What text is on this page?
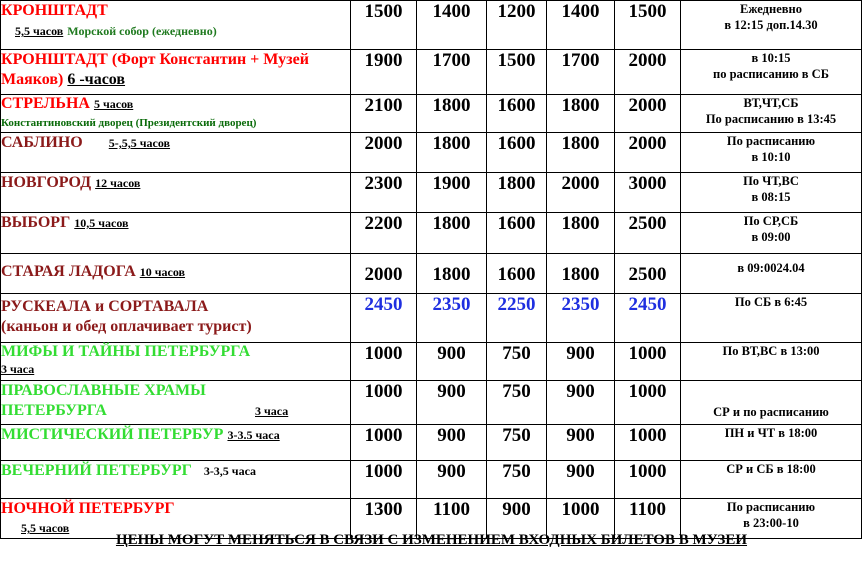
КРОНШТАДТ
5,5 часов Морской собор (ежедневно)	1500	1400	1200	1400	1500	Ежедневно
в 12:15 доп.14.30
КРОНШТАДТ (Форт Константин + Музей Маяков) 6 -часов	1900	1700	1500	1700	2000	в 10:15
по расписанию в СБ
СТРЕЛЬНА 5 часов
Константиновский дворец (Президентский дворец)	2100	1800	1600	1800	2000	ВТ,ЧТ,СБ
По расписанию в 13:45
САБЛИНО 5-,5,5 часов	2000	1800	1600	1800	2000	По расписанию
в 10:10
НОВГОРОД 12 часов	2300	1900	1800	2000	3000	По ЧТ,ВС
в 08:15
ВЫБОРГ 10,5 часов	2200	1800	1600	1800	2500	По СР,СБ
в 09:00
СТАРАЯ ЛАДОГА 10 часов	2000	1800	1600	1800	2500	в 09:0024.04
РУСКЕАЛА и СОРТАВАЛА
(каньон и обед оплачивает турист)	2450	2350	2250	2350	2450	По СБ в 6:45
МИФЫ И ТАЙНЫ ПЕТЕРБУРГА
3 часа	1000	900	750	900	1000	По ВТ,ВС в 13:00
ПРАВОСЛАВНЫЕ ХРАМЫ ПЕТЕРБУРГА 3 часа	1000	900	750	900	1000	СР и по расписанию
МИСТИЧЕСКИЙ ПЕТЕРБУР 3-3.5 часа	1000	900	750	900	1000	ПН и ЧТ в 18:00
ВЕЧЕРНИЙ ПЕТЕРБУРГ 3-3,5 часа	1000	900	750	900	1000	СР и СБ в 18:00
НОЧНОЙ ПЕТЕРБУРГ
5,5 часов	1300	1100	900	1000	1100	По расписанию
в 23:00-10
ЦЕНЫ МОГУТ МЕНЯТЬСЯ В СВЯЗИ С ИЗМЕНЕНИЕМ ВХОДНЫХ БИЛЕТОВ В МУЗЕИ
